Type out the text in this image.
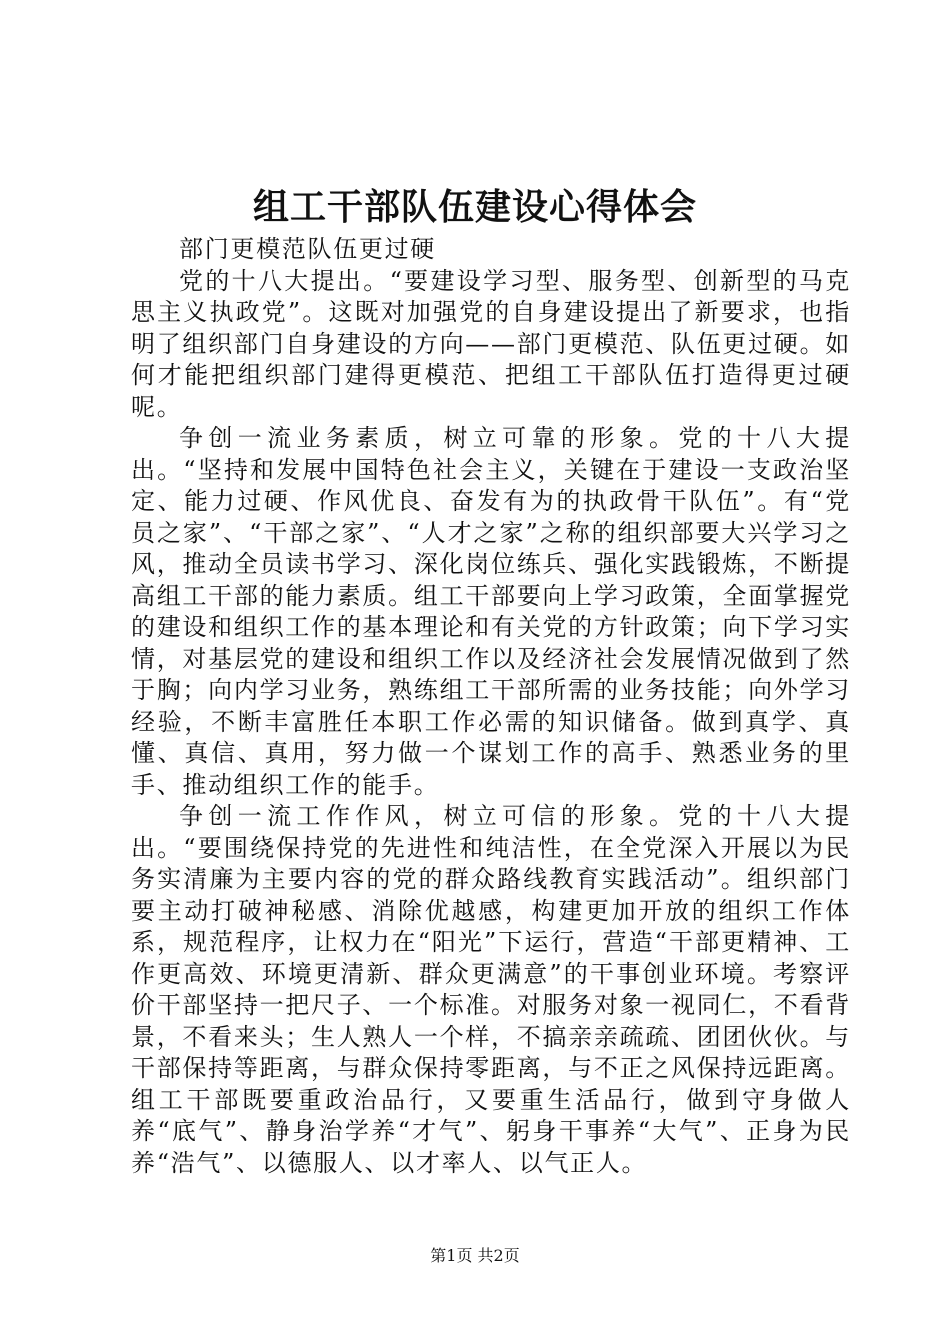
组工干部队伍建设心得体会

部门更模范队伍更过硬

党的十八大提出。“要建设学习型、服务型、创新型的马克思主义执政党”。这既对加强党的自身建设提出了新要求，也指明了组织部门自身建设的方向——部门更模范、队伍更过硬。如何才能把组织部门建得更模范、把组工干部队伍打造得更过硬呢。

争创一流业务素质，树立可靠的形象。党的十八大提出。“坚持和发展中国特色社会主义，关键在于建设一支政治坚定、能力过硬、作风优良、奋发有为的执政骨干队伍”。有“党员之家”、“干部之家”、“人才之家”之称的组织部要大兴学习之风，推动全员读书学习、深化岗位练兵、强化实践锻炼，不断提高组工干部的能力素质。组工干部要向上学习政策，全面掌握党的建设和组织工作的基本理论和有关党的方针政策；向下学习实情，对基层党的建设和组织工作以及经济社会发展情况做到了然于胸；向内学习业务，熟练组工干部所需的业务技能；向外学习经验，不断丰富胜任本职工作必需的知识储备。做到真学、真懂、真信、真用，努力做一个谋划工作的高手、熟悉业务的里手、推动组织工作的能手。

争创一流工作作风，树立可信的形象。党的十八大提出。“要围绕保持党的先进性和纯洁性，在全党深入开展以为民务实清廉为主要内容的党的群众路线教育实践活动”。组织部门要主动打破神秘感、消除优越感，构建更加开放的组织工作体系，规范程序，让权力在“阳光”下运行，营造“干部更精神、工作更高效、环境更清新、群众更满意”的干事创业环境。考察评价干部坚持一把尺子、一个标准。对服务对象一视同仁，不看背景，不看来头；生人熟人一个样，不搞亲亲疏疏、团团伙伙。与干部保持等距离，与群众保持零距离，与不正之风保持远距离。组工干部既要重政治品行，又要重生活品行，做到守身做人养“底气”、静身治学养“才气”、躬身干事养“大气”、正身为民养“浩气”、以德服人、以才率人、以气正人。

第1页 共2页
